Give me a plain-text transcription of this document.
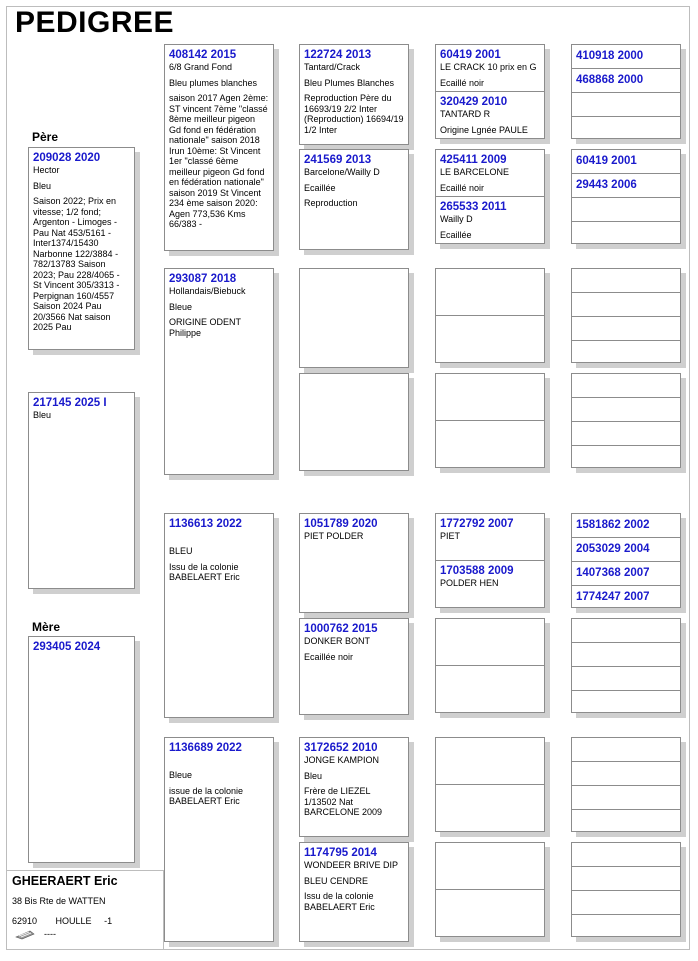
PEDIGREE
Père
Mère
209028 2020
Hector
Bleu
Saison 2022; Prix en vitesse; 1/2 fond; Argenton - Limoges - Pau Nat 453/5161 - Inter1374/15430 Narbonne 122/3884 - 782/13783 Saison 2023; Pau 228/4065 - St Vincent 305/3313 - Perpignan 160/4557 Saison 2024 Pau 20/3566 Nat saison 2025 Pau
217145 2025 I
Bleu
293405 2024
408142 2015
6/8 Grand Fond
Bleu plumes blanches
saison 2017 Agen 2ème: ST vincent 7ème "classé 8ème meilleur pigeon Gd fond en fédération nationale" saison 2018 Irun 10ème: St Vincent 1er "classé 6ème meilleur pigeon Gd fond en fédération nationale" saison 2019 St Vincent 234 ème saison 2020: Agen 773,536 Kms 66/383 -
293087 2018
Hollandais/Biebuck
Bleue
ORIGINE ODENT Philippe
1136613 2022
BLEU
Issu de la colonie BABELAERT Eric
1136689 2022
Bleue
issue de la colonie BABELAERT Eric
122724 2013
Tantard/Crack
Bleu Plumes Blanches
Reproduction Père du 16693/19 2/2 Inter (Reproduction) 16694/19 1/2 Inter
241569 2013
Barcelone/Wailly D
Ecaillée
Reproduction
1051789 2020
PIET POLDER
1000762 2015
DONKER BONT
Ecaillée noir
3172652 2010
JONGE KAMPION
Bleu
Frère de LIEZEL 1/13502 Nat BARCELONE 2009
1174795 2014
WONDEER BRIVE DIP
BLEU CENDRE
Issu de la colonie BABELAERT Eric
60419 2001
LE CRACK 10 prix en G
Ecaillé noir
320429 2010
TANTARD R
Origine Lgnée PAULE
425411 2009
LE BARCELONE
Ecaillé noir
265533 2011
Wailly D
Ecaillée
1772792 2007
PIET
1703588 2009
POLDER HEN
410918 2000
468868 2000
60419 2001
29443 2006
1581862 2002
2053029 2004
1407368 2007
1774247 2007
GHEERAERT Eric
38 Bis Rte de WATTEN
62910 HOULLE -1
----
